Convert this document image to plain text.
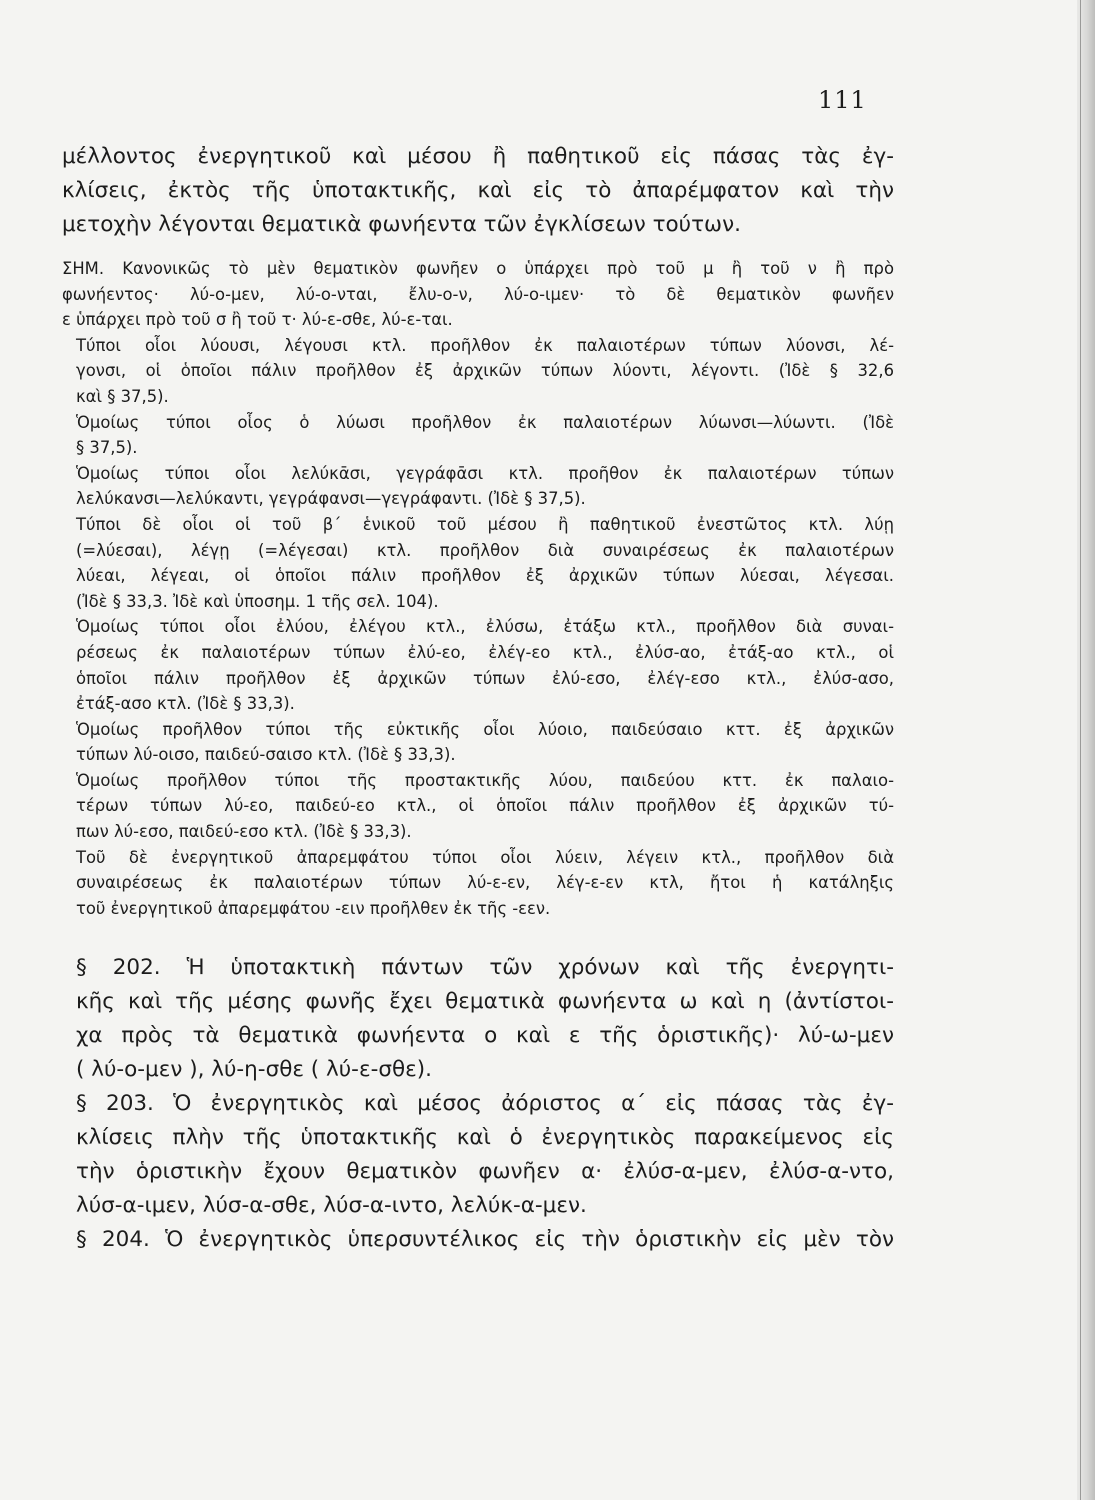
111

μέλλοντος ἐνεργητικοῦ καὶ μέσου ἢ παθητικοῦ εἰς πάσας τὰς ἐγ-
κλίσεις, ἐκτὸς τῆς ὑποτακτικῆς, καὶ εἰς τὸ ἀπαρέμφατον καὶ τὴν
μετοχὴν λέγονται θεματικὰ φωνήεντα τῶν ἐγκλίσεων τούτων.

ΣΗΜ. Κανονικῶς τὸ μὲν θεματικὸν φωνῆεν ο ὑπάρχει πρὸ τοῦ μ ἢ τοῦ ν ἢ πρὸ
φωνήεντος· λύ-ο-μεν, λύ-ο-νται, ἔλυ-ο-ν, λύ-ο-ιμεν· τὸ δὲ θεματικὸν φωνῆεν
ε ὑπάρχει πρὸ τοῦ σ ἢ τοῦ τ· λύ-ε-σθε, λύ-ε-ται.

Τύποι οἷοι λύουσι, λέγουσι κτλ. προῆλθον ἐκ παλαιοτέρων τύπων λύονσι, λέ-
γονσι, οἱ ὁποῖοι πάλιν προῆλθον ἐξ ἀρχικῶν τύπων λύοντι, λέγοντι. (Ἰδὲ § 32,6
καὶ § 37,5).

Ὁμοίως τύποι οἷος ὁ λύωσι προῆλθον ἐκ παλαιοτέρων λύωνσι—λύωντι. (Ἰδὲ
§ 37,5).

Ὁμοίως τύποι οἷοι λελύκᾱσι, γεγράφᾱσι κτλ. προῆθον ἐκ παλαιοτέρων τύπων
λελύκανσι—λελύκαντι, γεγράφανσι—γεγράφαντι. (Ἰδὲ § 37,5).

Τύποι δὲ οἷοι οἱ τοῦ β΄ ἑνικοῦ τοῦ μέσου ἢ παθητικοῦ ἐνεστῶτος κτλ. λύῃ
(=λύεσαι), λέγῃ (=λέγεσαι) κτλ. προῆλθον διὰ συναιρέσεως ἐκ παλαιοτέρων
λύεαι, λέγεαι, οἱ ὁποῖοι πάλιν προῆλθον ἐξ ἀρχικῶν τύπων λύεσαι, λέγεσαι.
(Ἰδὲ § 33,3. Ἰδὲ καὶ ὑποσημ. 1 τῆς σελ. 104).

Ὁμοίως τύποι οἷοι ἐλύου, ἐλέγου κτλ., ἐλύσω, ἐτάξω κτλ., προῆλθον διὰ συναι-
ρέσεως ἐκ παλαιοτέρων τύπων ἐλύ-εο, ἐλέγ-εο κτλ., ἐλύσ-αο, ἐτάξ-αο κτλ., οἱ
ὁποῖοι πάλιν προῆλθον ἐξ ἀρχικῶν τύπων ἐλύ-εσο, ἐλέγ-εσο κτλ., ἐλύσ-ασο,
ἐτάξ-ασο κτλ. (Ἰδὲ § 33,3).

Ὁμοίως προῆλθον τύποι τῆς εὐκτικῆς οἷοι λύοιο, παιδεύσαιο κττ. ἐξ ἀρχικῶν
τύπων λύ-οισο, παιδεύ-σαισο κτλ. (Ἰδὲ § 33,3).

Ὁμοίως προῆλθον τύποι τῆς προστακτικῆς λύου, παιδεύου κττ. ἐκ παλαιο-
τέρων τύπων λύ-εο, παιδεύ-εο κτλ., οἱ ὁποῖοι πάλιν προῆλθον ἐξ ἀρχικῶν τύ-
πων λύ-εσο, παιδεύ-εσο κτλ. (Ἰδὲ § 33,3).

Τοῦ δὲ ἐνεργητικοῦ ἀπαρεμφάτου τύποι οἷοι λύειν, λέγειν κτλ., προῆλθον διὰ
συναιρέσεως ἐκ παλαιοτέρων τύπων λύ-ε-εν, λέγ-ε-εν κτλ, ἤτοι ἡ κατάληξις
τοῦ ἐνεργητικοῦ ἀπαρεμφάτου -ειν προῆλθεν ἐκ τῆς -εεν.

§ 202. Ἡ ὑποτακτικὴ πάντων τῶν χρόνων καὶ τῆς ἐνεργητι-
κῆς καὶ τῆς μέσης φωνῆς ἔχει θεματικὰ φωνήεντα ω καὶ η (ἀντίστοι-
χα πρὸς τὰ θεματικὰ φωνήεντα ο καὶ ε τῆς ὁριστικῆς)· λύ-ω-μεν
( λύ-ο-μεν ), λύ-η-σθε ( λύ-ε-σθε).

§ 203. Ὁ ἐνεργητικὸς καὶ μέσος ἀόριστος α΄ εἰς πάσας τὰς ἐγ-
κλίσεις πλὴν τῆς ὑποτακτικῆς καὶ ὁ ἐνεργητικὸς παρακείμενος εἰς
τὴν ὁριστικὴν ἔχουν θεματικὸν φωνῆεν α· ἐλύσ-α-μεν, ἐλύσ-α-ντο,
λύσ-α-ιμεν, λύσ-α-σθε, λύσ-α-ιντο, λελύκ-α-μεν.

§ 204. Ὁ ἐνεργητικὸς ὑπερσυντέλικος εἰς τὴν ὁριστικὴν εἰς μὲν τὸν
